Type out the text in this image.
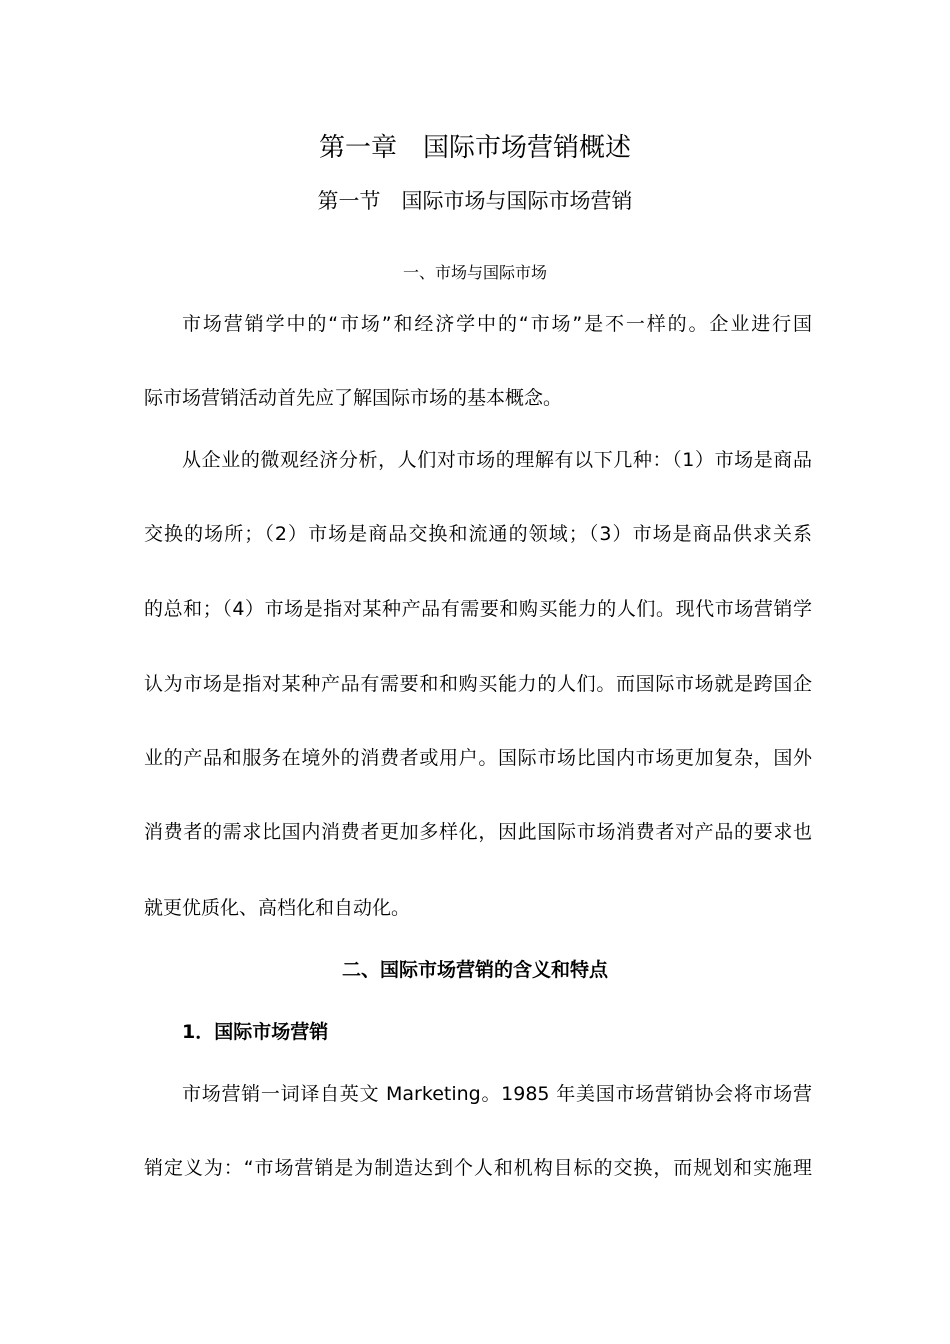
第一章　国际市场营销概述
第一节　国际市场与国际市场营销
一、市场与国际市场

市场营销学中的“市场”和经济学中的“市场”是不一样的。企业进行国

际市场营销活动首先应了解国际市场的基本概念。

从企业的微观经济分析，人们对市场的理解有以下几种：（1）市场是商品

交换的场所；（2）市场是商品交换和流通的领域；（3）市场是商品供求关系

的总和；（4）市场是指对某种产品有需要和购买能力的人们。现代市场营销学

认为市场是指对某种产品有需要和和购买能力的人们。而国际市场就是跨国企

业的产品和服务在境外的消费者或用户。国际市场比国内市场更加复杂，国外

消费者的需求比国内消费者更加多样化，因此国际市场消费者对产品的要求也

就更优质化、高档化和自动化。

二、国际市场营销的含义和特点
1．国际市场营销

市场营销一词译自英文 Marketing。1985 年美国市场营销协会将市场营

销定义为：“市场营销是为制造达到个人和机构目标的交换，而规划和实施理
